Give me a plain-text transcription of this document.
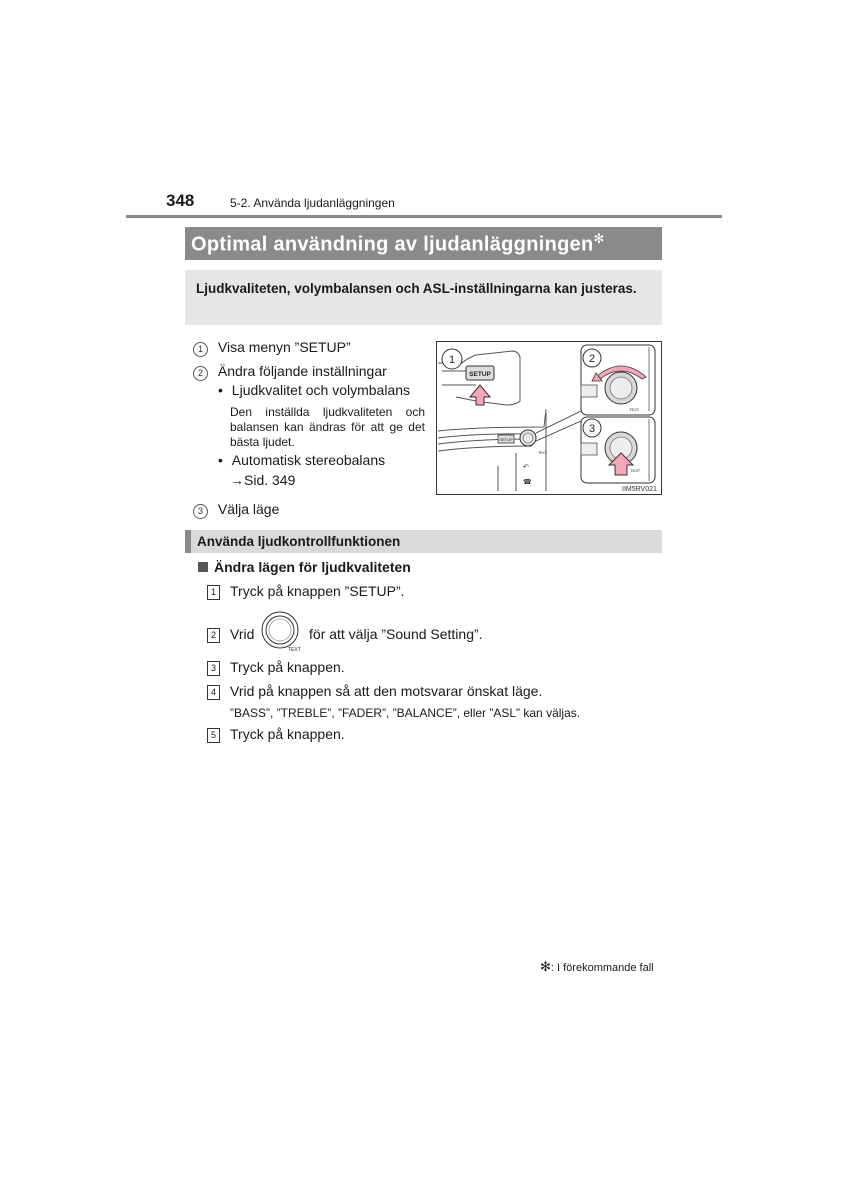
348	5-2. Använda ljudanläggningen
Optimal användning av ljudanläggningen✻
Ljudkvaliteten, volymbalansen och ASL-inställningarna kan justeras.
1 Visa menyn ”SETUP”
2 Ändra följande inställningar
• Ljudkvalitet och volymbalans
Den inställda ljudkvaliteten och balansen kan ändras för att ge det bästa ljudet.
• Automatisk stereobalans
→Sid. 349
3 Välja läge
1
SETUP
SETUP
TEXT
↶
☎
2
TEXT
3
TEXT
IIM5RV021
Använda ljudkontrollfunktionen
Ändra lägen för ljudkvaliteten
1 Tryck på knappen ”SETUP”.
2 Vrid
TEXT
för att välja ”Sound Setting”.
3 Tryck på knappen.
4 Vrid på knappen så att den motsvarar önskat läge.
”BASS”, ”TREBLE”, ”FADER”, ”BALANCE”, eller ”ASL” kan väljas.
5 Tryck på knappen.
✻: I förekommande fall
